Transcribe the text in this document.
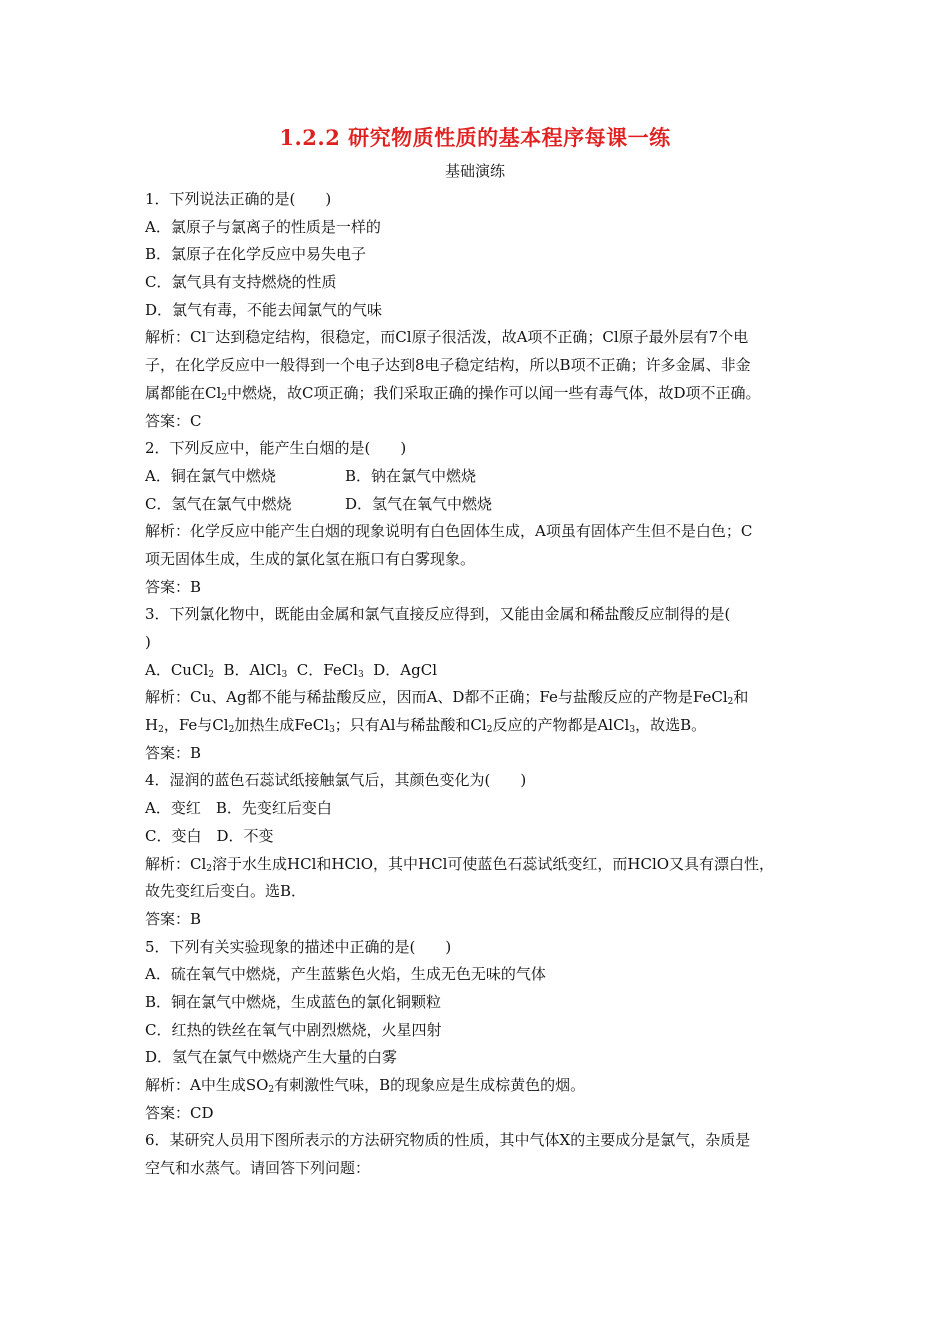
1.2.2 研究物质性质的基本程序每课一练
基础演练
1．下列说法正确的是(　　)
A．氯原子与氯离子的性质是一样的
B．氯原子在化学反应中易失电子
C．氯气具有支持燃烧的性质
D．氯气有毒，不能去闻氯气的气味
解析：Cl－达到稳定结构，很稳定，而Cl原子很活泼，故A项不正确；Cl原子最外层有7个电
子，在化学反应中一般得到一个电子达到8电子稳定结构，所以B项不正确；许多金属、非金
属都能在$Cl_2$中燃烧，故C项正确；我们采取正确的操作可以闻一些有毒气体，故D项不正确。
答案：C
2．下列反应中，能产生白烟的是(　　)
A．铜在氯气中燃烧	B．钠在氯气中燃烧
C．氢气在氯气中燃烧	D．氢气在氧气中燃烧
解析：化学反应中能产生白烟的现象说明有白色固体生成，A项虽有固体产生但不是白色；C
项无固体生成，生成的氯化氢在瓶口有白雾现象。
答案：B
3．下列氯化物中，既能由金属和氯气直接反应得到，又能由金属和稀盐酸反应制得的是(
)
A．CuCl$_2$ B．AlCl$_3$ C．FeCl$_3$ D．AgCl
解析：Cu、Ag都不能与稀盐酸反应，因而A、D都不正确；Fe与盐酸反应的产物是FeCl$_2$和
$H_2$，Fe与$Cl_2$加热生成FeCl$_3$；只有Al与稀盐酸和$Cl_2$反应的产物都是AlCl$_3$，故选B。
答案：B
4．湿润的蓝色石蕊试纸接触氯气后，其颜色变化为(　　)
A．变红　B．先变红后变白
C．变白　D．不变
解析：$Cl_2$溶于水生成HCl和HClO，其中HCl可使蓝色石蕊试纸变红，而HClO又具有漂白性，
故先变红后变白。选B．
答案：B
5．下列有关实验现象的描述中正确的是(　　)
A．硫在氧气中燃烧，产生蓝紫色火焰，生成无色无味的气体
B．铜在氯气中燃烧，生成蓝色的氯化铜颗粒
C．红热的铁丝在氧气中剧烈燃烧，火星四射
D．氢气在氯气中燃烧产生大量的白雾
解析：A中生成$SO_2$有刺激性气味，B的现象应是生成棕黄色的烟。
答案：CD
6．某研究人员用下图所表示的方法研究物质的性质，其中气体X的主要成分是氯气，杂质是
空气和水蒸气。请回答下列问题：
